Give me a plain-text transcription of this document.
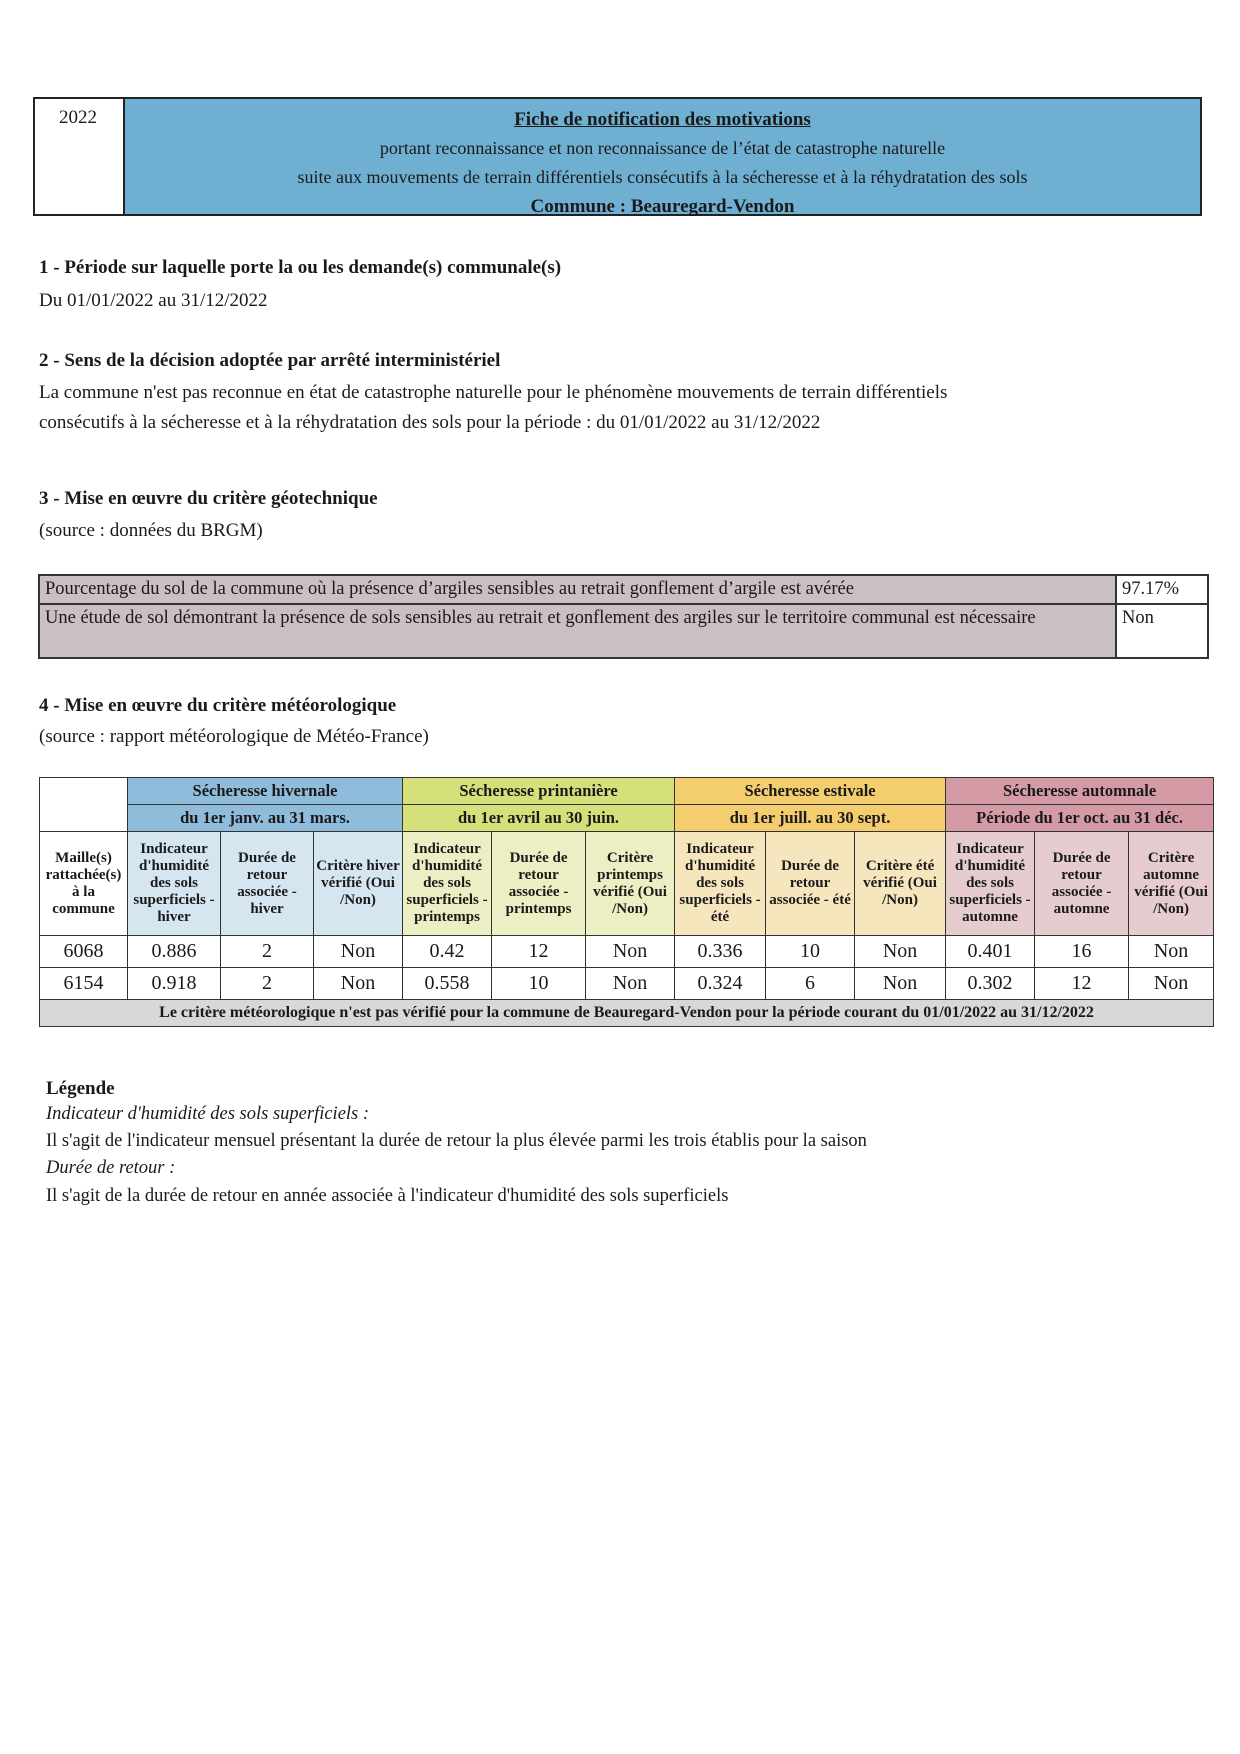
2022	Fiche de notification des motivations
portant reconnaissance et non reconnaissance de l’état de catastrophe naturelle
suite aux mouvements de terrain différentiels consécutifs à la sécheresse et à la réhydratation des sols
Commune : Beauregard-Vendon
1 - Période sur laquelle porte la ou les demande(s) communale(s)
Du 01/01/2022 au 31/12/2022
2 - Sens de la décision adoptée par arrêté interministériel
La commune n'est pas reconnue en état de catastrophe naturelle pour le phénomène mouvements de terrain différentiels
consécutifs à la sécheresse et à la réhydratation des sols pour la période : du 01/01/2022 au 31/12/2022
3 - Mise en œuvre du critère géotechnique
(source : données du BRGM)
Pourcentage du sol de la commune où la présence d’argiles sensibles au retrait gonflement d’argile est avérée	97.17%
Une étude de sol démontrant la présence de sols sensibles au retrait et gonflement des argiles sur le territoire communal est nécessaire	Non
4 - Mise en œuvre du critère météorologique
(source : rapport météorologique de Météo-France)
	Sécheresse hivernale			Sécheresse printanière			Sécheresse estivale			Sécheresse automnale		
	du 1er janv. au 31 mars.			du 1er avril au 30 juin.			du 1er juill. au 30 sept.			Période du 1er oct. au 31 déc.		
Maille(s) rattachée(s) à la commune	Indicateur d'humidité des sols superficiels - hiver	Durée de retour associée - hiver	Critère hiver vérifié (Oui /Non)	Indicateur d'humidité des sols superficiels - printemps	Durée de retour associée - printemps	Critère printemps vérifié (Oui /Non)	Indicateur d'humidité des sols superficiels - été	Durée de retour associée - été	Critère été vérifié (Oui /Non)	Indicateur d'humidité des sols superficiels - automne	Durée de retour associée - automne	Critère automne vérifié (Oui /Non)
6068	0.886	2	Non	0.42	12	Non	0.336	10	Non	0.401	16	Non
6154	0.918	2	Non	0.558	10	Non	0.324	6	Non	0.302	12	Non
Le critère météorologique n'est pas vérifié pour la commune de Beauregard-Vendon pour la période courant du 01/01/2022 au 31/12/2022												
Légende
Indicateur d'humidité des sols superficiels :
Il s'agit de l'indicateur mensuel présentant la durée de retour la plus élevée parmi les trois établis pour la saison
Durée de retour :
Il s'agit de la durée de retour en année associée à l'indicateur d'humidité des sols superficiels
